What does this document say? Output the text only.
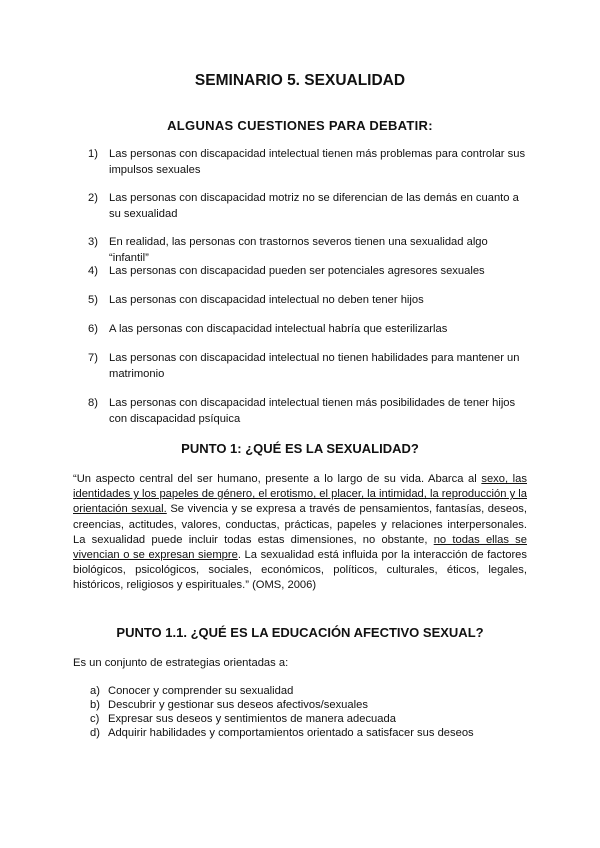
SEMINARIO 5. SEXUALIDAD
ALGUNAS CUESTIONES PARA DEBATIR:
1) Las personas con discapacidad intelectual tienen más problemas para controlar sus impulsos sexuales
2) Las personas con discapacidad motriz no se diferencian de las demás en cuanto a su sexualidad
3) En realidad, las personas con trastornos severos tienen una sexualidad algo “infantil”
4) Las personas con discapacidad pueden ser potenciales agresores sexuales
5) Las personas con discapacidad intelectual no deben tener hijos
6) A las personas con discapacidad intelectual habría que esterilizarlas
7) Las personas con discapacidad intelectual no tienen habilidades para mantener un matrimonio
8) Las personas con discapacidad intelectual tienen más posibilidades de tener hijos con discapacidad psíquica
PUNTO 1: ¿QUÉ ES LA SEXUALIDAD?

“Un aspecto central del ser humano, presente a lo largo de su vida. Abarca al sexo, las identidades y los papeles de género, el erotismo, el placer, la intimidad, la reproducción y la orientación sexual. Se vivencia y se expresa a través de pensamientos, fantasías, deseos, creencias, actitudes, valores, conductas, prácticas, papeles y relaciones interpersonales. La sexualidad puede incluir todas estas dimensiones, no obstante, no todas ellas se vivencian o se expresan siempre. La sexualidad está influida por la interacción de factores biológicos, psicológicos, sociales, económicos, políticos, culturales, éticos, legales, históricos, religiosos y espirituales.” (OMS, 2006)

PUNTO 1.1. ¿QUÉ ES LA EDUCACIÓN AFECTIVO SEXUAL?

Es un conjunto de estrategias orientadas a:

a) Conocer y comprender su sexualidad
b) Descubrir y gestionar sus deseos afectivos/sexuales
c) Expresar sus deseos y sentimientos de manera adecuada
d) Adquirir habilidades y comportamientos orientado a satisfacer sus deseos
